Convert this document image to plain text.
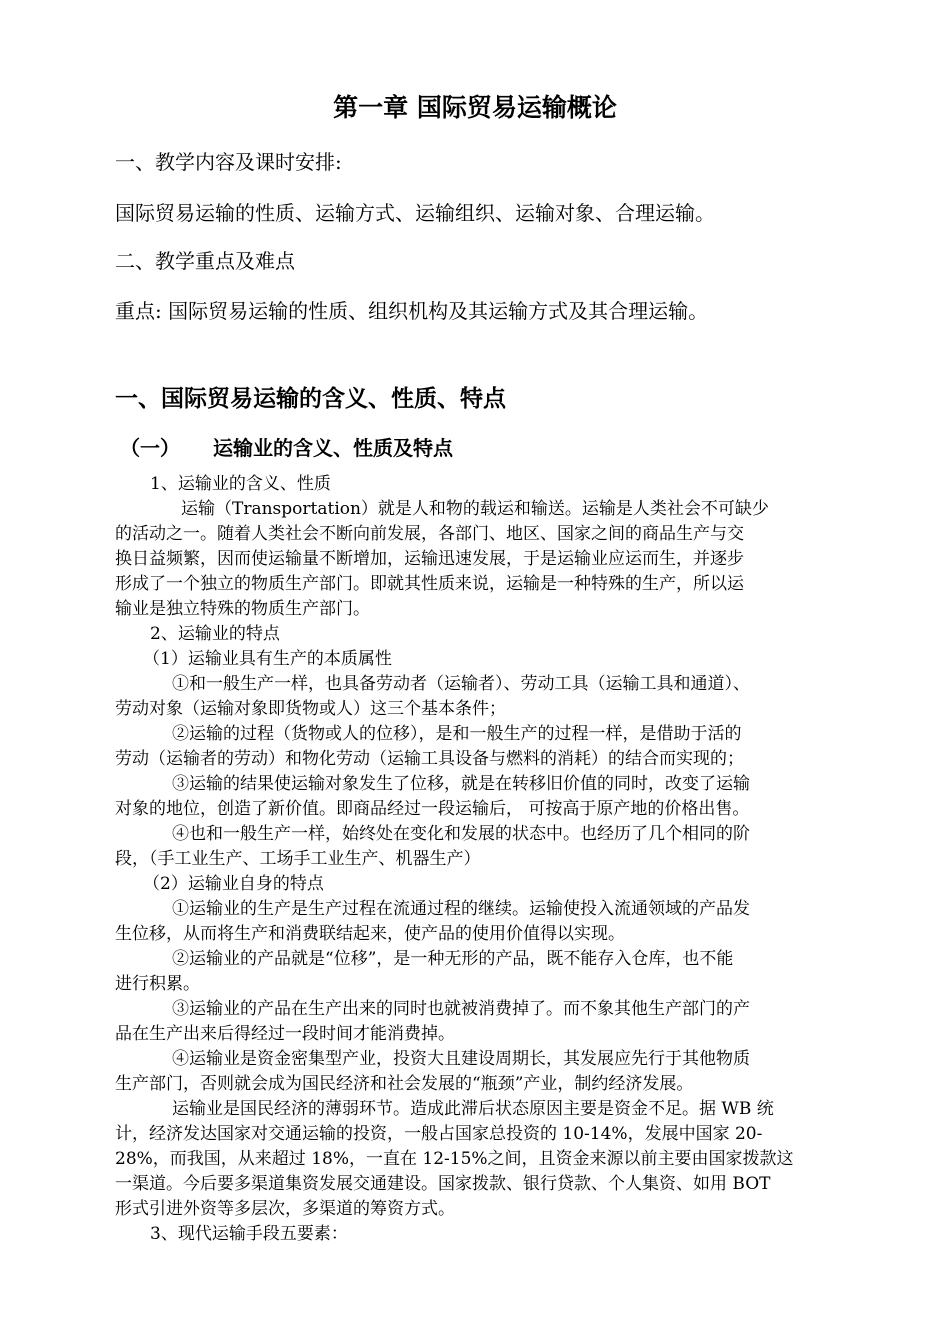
第一章 国际贸易运输概论
一、教学内容及课时安排:
国际贸易运输的性质、运输方式、运输组织、运输对象、合理运输。
二、教学重点及难点
重点: 国际贸易运输的性质、组织机构及其运输方式及其合理运输。
一、国际贸易运输的含义、性质、特点
（一） 运输业的含义、性质及特点
1、运输业的含义、性质
运输（Transportation）就是人和物的载运和输送。运输是人类社会不可缺少
的活动之一。随着人类社会不断向前发展，各部门、地区、国家之间的商品生产与交
换日益频繁，因而使运输量不断增加，运输迅速发展，于是运输业应运而生，并逐步
形成了一个独立的物质生产部门。即就其性质来说，运输是一种特殊的生产，所以运
输业是独立特殊的物质生产部门。
2、运输业的特点
（1）运输业具有生产的本质属性
①和一般生产一样，也具备劳动者（运输者）、劳动工具（运输工具和通道）、
劳动对象（运输对象即货物或人）这三个基本条件；
②运输的过程（货物或人的位移），是和一般生产的过程一样，是借助于活的
劳动（运输者的劳动）和物化劳动（运输工具设备与燃料的消耗）的结合而实现的；
③运输的结果使运输对象发生了位移，就是在转移旧价值的同时，改变了运输
对象的地位，创造了新价值。即商品经过一段运输后， 可按高于原产地的价格出售。
④也和一般生产一样，始终处在变化和发展的状态中。也经历了几个相同的阶
段，（手工业生产、工场手工业生产、机器生产）
（2）运输业自身的特点
①运输业的生产是生产过程在流通过程的继续。运输使投入流通领域的产品发
生位移，从而将生产和消费联结起来，使产品的使用价值得以实现。
②运输业的产品就是“位移”，是一种无形的产品，既不能存入仓库，也不能
进行积累。
③运输业的产品在生产出来的同时也就被消费掉了。而不象其他生产部门的产
品在生产出来后得经过一段时间才能消费掉。
④运输业是资金密集型产业，投资大且建设周期长，其发展应先行于其他物质
生产部门，否则就会成为国民经济和社会发展的“瓶颈”产业，制约经济发展。
运输业是国民经济的薄弱环节。造成此滞后状态原因主要是资金不足。据 WB 统
计，经济发达国家对交通运输的投资，一般占国家总投资的 10-14%，发展中国家 20-
28%，而我国，从来超过 18%，一直在 12-15%之间，且资金来源以前主要由国家拨款这
一渠道。今后要多渠道集资发展交通建设。国家拨款、银行贷款、个人集资、如用 BOT
形式引进外资等多层次，多渠道的筹资方式。
3、现代运输手段五要素：
